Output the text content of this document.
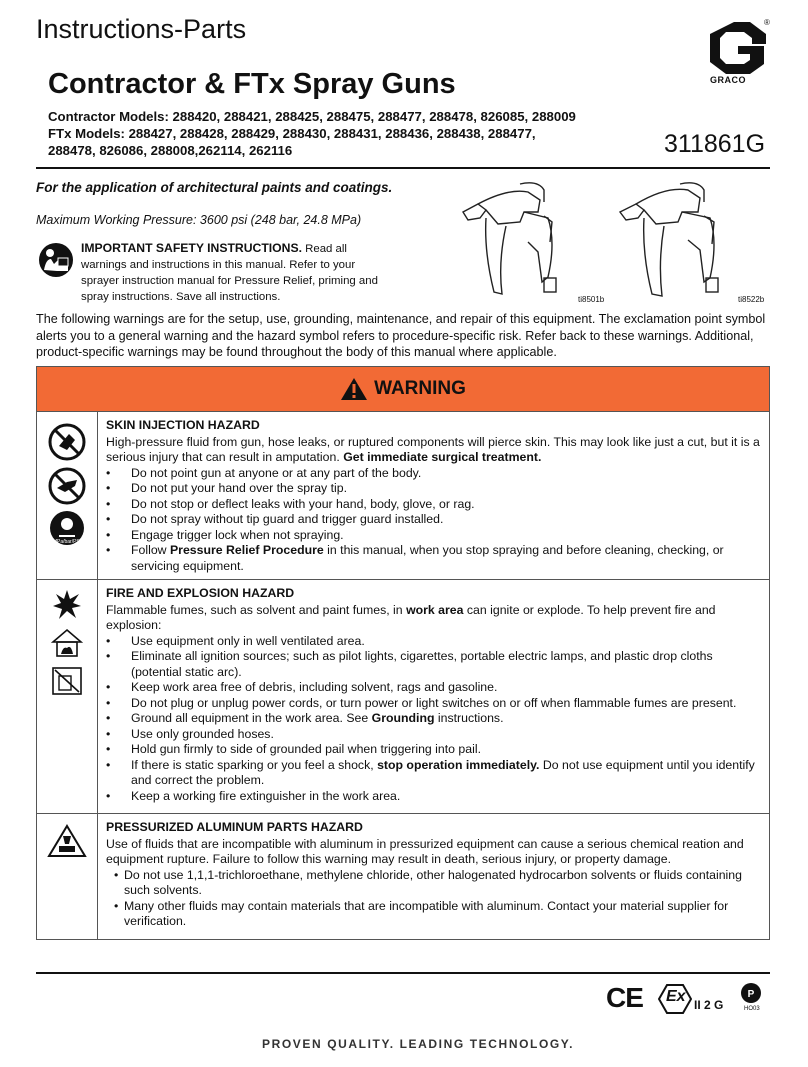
Instructions-Parts	®
GRACO
Contractor & FTx Spray Guns
Contractor Models: 288420, 288421, 288425, 288475, 288477, 288478, 826085, 288009
FTx Models: 288427, 288428, 288429, 288430, 288431, 288436, 288438, 288477,
288478, 826086, 288008,262114, 262116	311861G
For the application of architectural paints and coatings.
Maximum Working Pressure: 3600 psi (248 bar, 24.8 MPa)
IMPORTANT SAFETY INSTRUCTIONS. Read all warnings and instructions in this manual. Refer to your sprayer instruction manual for Pressure Relief, priming and spray instructions. Save all instructions.	ti8501b	ti8522b
The following warnings are for the setup, use, grounding, maintenance, and repair of this equipment. The exclamation point symbol alerts you to a general warning and the hazard symbol refers to procedure-specific risk. Refer back to these warnings. Additional, product-specific warnings may be found throughout the body of this manual where applicable.
WARNING
MPa/bar/PSI
SKIN INJECTION HAZARD

High-pressure fluid from gun, hose leaks, or ruptured components will pierce skin. This may look like just a cut, but it is a serious injury that can result in amputation. Get immediate surgical treatment.

• Do not point gun at anyone or at any part of the body.
• Do not put your hand over the spray tip.
• Do not stop or deflect leaks with your hand, body, glove, or rag.
• Do not spray without tip guard and trigger guard installed.
• Engage trigger lock when not spraying.
• Follow Pressure Relief Procedure in this manual, when you stop spraying and before cleaning, checking, or servicing equipment.
FIRE AND EXPLOSION HAZARD

Flammable fumes, such as solvent and paint fumes, in work area can ignite or explode. To help prevent fire and explosion:

• Use equipment only in well ventilated area.
• Eliminate all ignition sources; such as pilot lights, cigarettes, portable electric lamps, and plastic drop cloths (potential static arc).
• Keep work area free of debris, including solvent, rags and gasoline.
• Do not plug or unplug power cords, or turn power or light switches on or off when flammable fumes are present.
• Ground all equipment in the work area. See Grounding instructions.
• Use only grounded hoses.
• Hold gun firmly to side of grounded pail when triggering into pail.
• If there is static sparking or you feel a shock, stop operation immediately. Do not use equipment until you identify and correct the problem.
• Keep a working fire extinguisher in the work area.
PRESSURIZED ALUMINUM PARTS HAZARD

Use of fluids that are incompatible with aluminum in pressurized equipment can cause a serious chemical reation and equipment rupture. Failure to follow this warning may result in death, serious injury, or property damage.

• Do not use 1,1,1-trichloroethane, methylene chloride, other halogenated hydrocarbon solvents or fluids containing such solvents.
• Many other fluids may contain materials that are incompatible with aluminum. Contact your material supplier for verification.
CE Ex II 2 G
P
HO03
PROVEN QUALITY. LEADING TECHNOLOGY.
